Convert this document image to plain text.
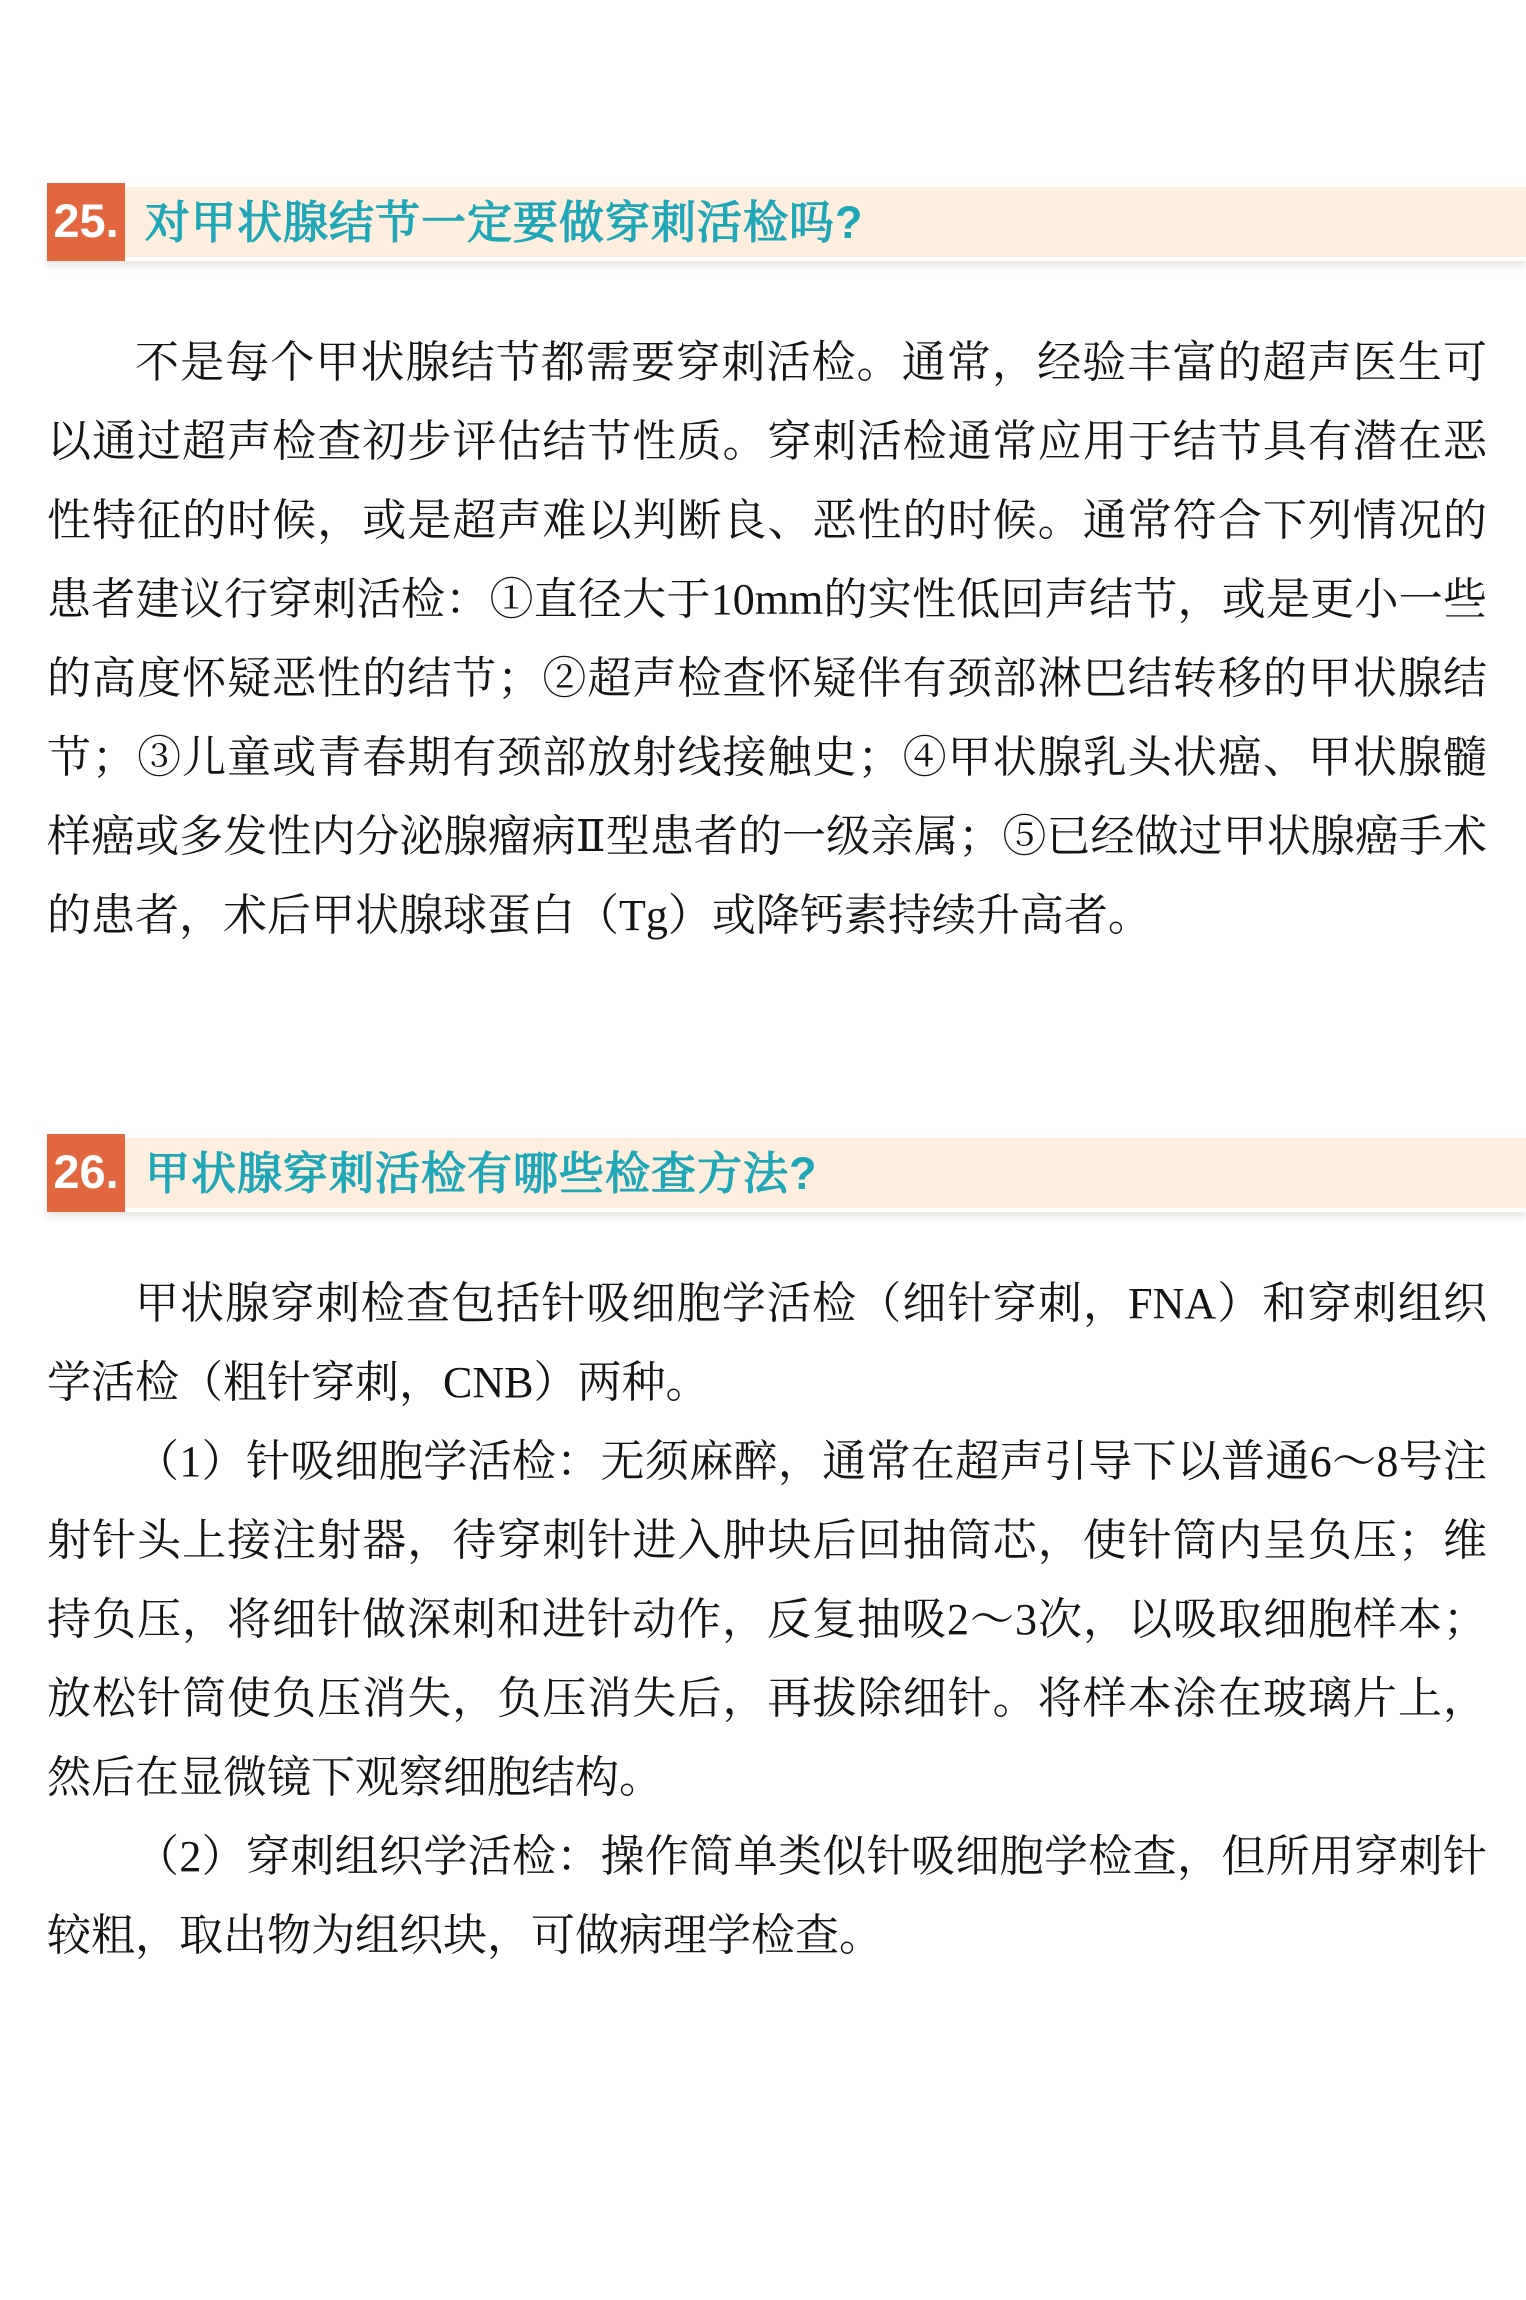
25. 对甲状腺结节一定要做穿刺活检吗?

不是每个甲状腺结节都需要穿刺活检。通常，经验丰富的超声医生可以通过超声检查初步评估结节性质。穿刺活检通常应用于结节具有潜在恶性特征的时候，或是超声难以判断良、恶性的时候。通常符合下列情况的患者建议行穿刺活检：①直径大于10mm的实性低回声结节，或是更小一些的高度怀疑恶性的结节；②超声检查怀疑伴有颈部淋巴结转移的甲状腺结节；③儿童或青春期有颈部放射线接触史；④甲状腺乳头状癌、甲状腺髓样癌或多发性内分泌腺瘤病Ⅱ型患者的一级亲属；⑤已经做过甲状腺癌手术的患者，术后甲状腺球蛋白（Tg）或降钙素持续升高者。

26. 甲状腺穿刺活检有哪些检查方法?

甲状腺穿刺检查包括针吸细胞学活检（细针穿刺，FNA）和穿刺组织学活检（粗针穿刺，CNB）两种。

（1）针吸细胞学活检：无须麻醉，通常在超声引导下以普通6～8号注射针头上接注射器，待穿刺针进入肿块后回抽筒芯，使针筒内呈负压；维持负压，将细针做深刺和进针动作，反复抽吸2～3次，以吸取细胞样本；放松针筒使负压消失，负压消失后，再拔除细针。将样本涂在玻璃片上，然后在显微镜下观察细胞结构。

（2）穿刺组织学活检：操作简单类似针吸细胞学检查，但所用穿刺针较粗，取出物为组织块，可做病理学检查。
